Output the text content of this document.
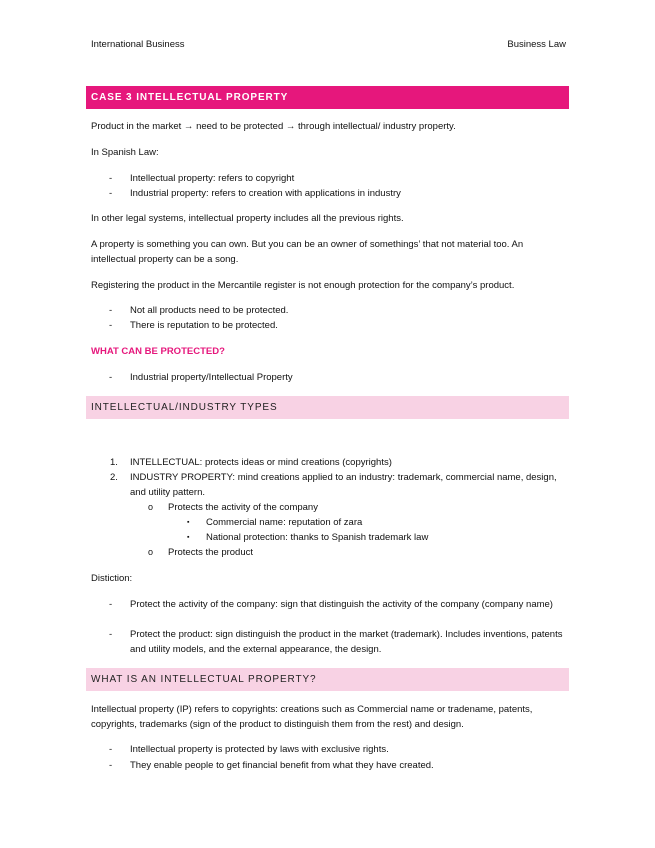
International Business	Business Law
CASE 3 INTELLECTUAL PROPERTY
Product in the market → need to be protected → through intellectual/ industry property.
In Spanish Law:
- Intellectual property: refers to copyright
- Industrial property: refers to creation with applications in industry
In other legal systems, intellectual property includes all the previous rights.
A property is something you can own. But you can be an owner of somethings’ that not material too. An intellectual property can be a song.
Registering the product in the Mercantile register is not enough protection for the company’s product.
- Not all products need to be protected.
- There is reputation to be protected.
WHAT CAN BE PROTECTED?
- Industrial property/Intellectual Property
INTELLECTUAL/INDUSTRY TYPES
1. INTELLECTUAL: protects ideas or mind creations (copyrights)
2. INDUSTRY PROPERTY: mind creations applied to an industry: trademark, commercial name, design, and utility pattern.
o Protects the activity of the company
▪ Commercial name: reputation of zara
▪ National protection: thanks to Spanish trademark law
o Protects the product
Distiction:
- Protect the activity of the company: sign that distinguish the activity of the company (company name)
- Protect the product: sign distinguish the product in the market (trademark). Includes inventions, patents and utility models, and the external appearance, the design.
WHAT IS AN INTELLECTUAL PROPERTY?
Intellectual property (IP) refers to copyrights: creations such as Commercial name or tradename, patents, copyrights, trademarks (sign of the product to distinguish them from the rest) and design.
- Intellectual property is protected by laws with exclusive rights.
- They enable people to get financial benefit from what they have created.
